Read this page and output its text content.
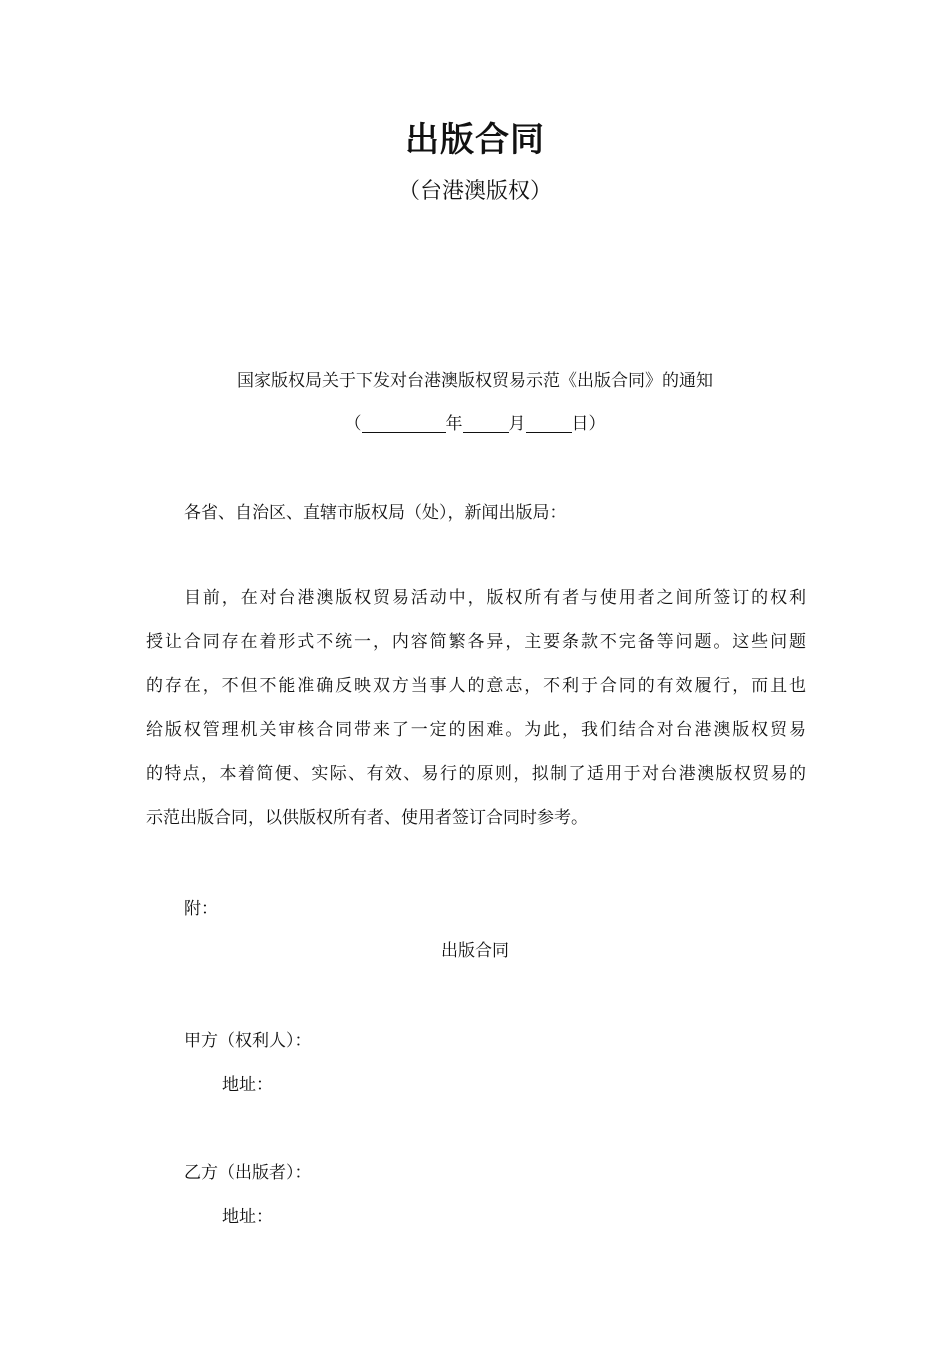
出版合同
（台港澳版权）
国家版权局关于下发对台港澳版权贸易示范《出版合同》的通知
（	年	月	日）
各省、自治区、直辖市版权局（处），新闻出版局：
目前，在对台港澳版权贸易活动中，版权所有者与使用者之间所签订的权利
授让合同存在着形式不统一，内容简繁各异，主要条款不完备等问题。这些问题
的存在，不但不能准确反映双方当事人的意志，不利于合同的有效履行，而且也
给版权管理机关审核合同带来了一定的困难。为此，我们结合对台港澳版权贸易
的特点，本着简便、实际、有效、易行的原则，拟制了适用于对台港澳版权贸易的
示范出版合同，以供版权所有者、使用者签订合同时参考。
附：
出版合同
甲方（权利人）：
地址：
乙方（出版者）：
地址：
